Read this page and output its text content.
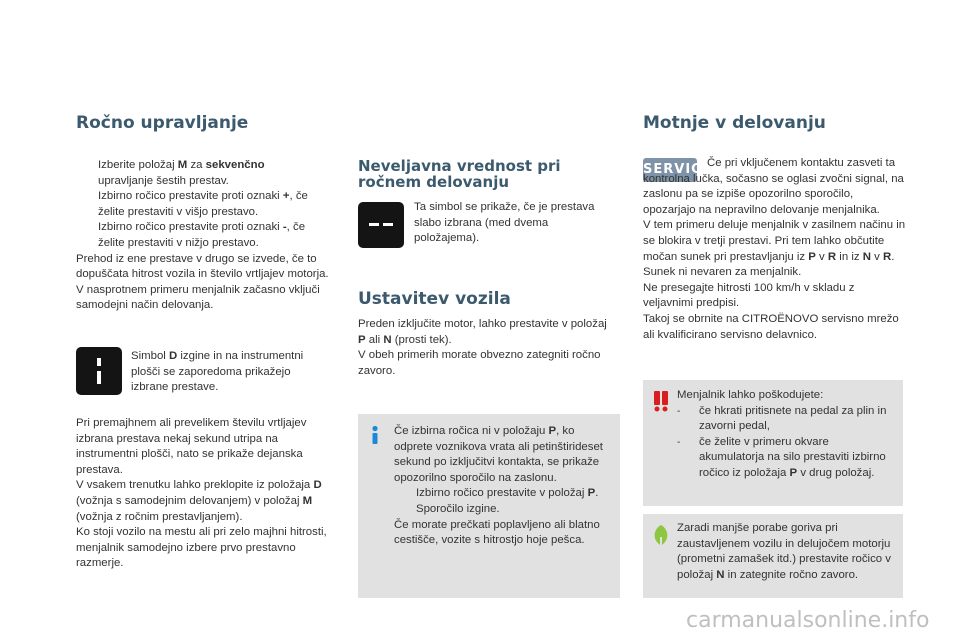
Ročno upravljanje
Izberite položaj M za sekvenčno
upravljanje šestih prestav.
Izbirno ročico prestavite proti oznaki +, če želite prestaviti v višjo prestavo.
Izbirno ročico prestavite proti oznaki -, če želite prestaviti v nižjo prestavo.
Prehod iz ene prestave v drugo se izvede, če to dopuščata hitrost vozila in število vrtljajev motorja. V nasprotnem primeru menjalnik začasno vključi samodejni način delovanja.
Simbol D izgine in na instrumentni plošči se zaporedoma prikažejo izbrane prestave.
Pri premajhnem ali prevelikem številu vrtljajev izbrana prestava nekaj sekund utripa na instrumentni plošči, nato se prikaže dejanska prestava.
V vsakem trenutku lahko preklopite iz položaja D (vožnja s samodejnim delovanjem) v položaj M (vožnja z ročnim prestavljanjem).
Ko stoji vozilo na mestu ali pri zelo majhni hitrosti, menjalnik samodejno izbere prvo prestavno razmerje.
Neveljavna vrednost pri ročnem delovanju
Ta simbol se prikaže, če je prestava slabo izbrana (med dvema položajema).
Ustavitev vozila
Preden izključite motor, lahko prestavite v položaj P ali N (prosti tek).
V obeh primerih morate obvezno zategniti ročno zavoro.
Če izbirna ročica ni v položaju P, ko odprete voznikova vrata ali petinštirideset sekund po izključitvi kontakta, se prikaže opozorilno sporočilo na zaslonu.
Izbirno ročico prestavite v položaj P. Sporočilo izgine.
Če morate prečkati poplavljeno ali blatno cestišče, vozite s hitrostjo hoje pešca.
Motnje v delovanju
SERVICE
Če pri vključenem kontaktu zasveti ta kontrolna lučka, sočasno se oglasi zvočni signal, na zaslonu pa se izpiše opozorilno sporočilo, opozarjajo na nepravilno delovanje menjalnika.
V tem primeru deluje menjalnik v zasilnem načinu in se blokira v tretji prestavi. Pri tem lahko občutite močan sunek pri prestavljanju iz P v R in iz N v R. Sunek ni nevaren za menjalnik.
Ne presegajte hitrosti 100 km/h v skladu z veljavnimi predpisi.
Takoj se obrnite na CITROËNOVO servisno mrežo ali kvalificirano servisno delavnico.
Menjalnik lahko poškodujete:
- če hkrati pritisnete na pedal za plin in zavorni pedal,
- če želite v primeru okvare akumulatorja na silo prestaviti izbirno ročico iz položaja P v drug položaj.
Zaradi manjše porabe goriva pri zaustavljenem vozilu in delujočem motorju (prometni zamašek itd.) prestavite ročico v položaj N in zategnite ročno zavoro.
carmanualsonline.info
